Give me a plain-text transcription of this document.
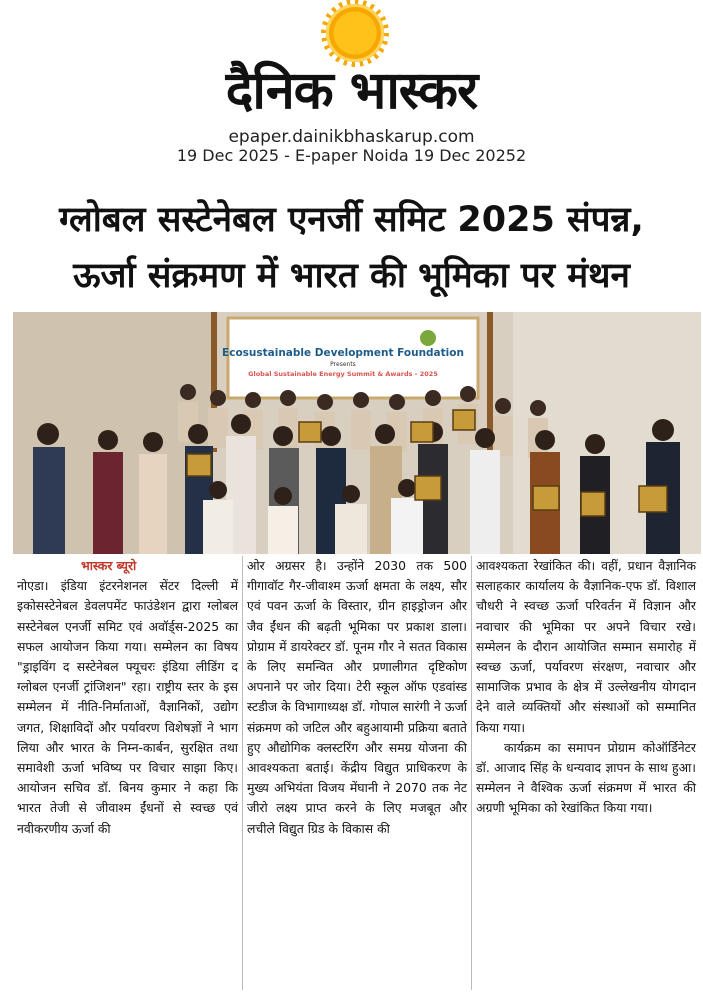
दैनिक भास्कर
epaper.dainikbhaskarup.com
19 Dec 2025 - E-paper Noida 19 Dec 20252
ग्लोबल सस्टेनेबल एनर्जी समिट 2025 संपन्न,
ऊर्जा संक्रमण में भारत की भूमिका पर मंथन
Ecosustainable Development Foundation
Presents
Global Sustainable Energy Summit & Awards - 2025
भास्कर ब्यूरो

नोएडा। इंडिया इंटरनेशनल सेंटर दिल्ली में इकोसस्टेनेबल डेवलपमेंट फाउंडेशन द्वारा ग्लोबल सस्टेनेबल एनर्जी समिट एवं अवॉर्ड्स-2025 का सफल आयोजन किया गया। सम्मेलन का विषय "ड्राइविंग द सस्टेनेबल फ्यूचरः इंडिया लीडिंग द ग्लोबल एनर्जी ट्रांजिशन" रहा। राष्ट्रीय स्तर के इस सम्मेलन में नीति-निर्माताओं, वैज्ञानिकों, उद्योग जगत, शिक्षाविदों और पर्यावरण विशेषज्ञों ने भाग लिया और भारत के निम्न-कार्बन, सुरक्षित तथा समावेशी ऊर्जा भविष्य पर विचार साझा किए। आयोजन सचिव डॉ. बिनय कुमार ने कहा कि भारत तेजी से जीवाश्म ईंधनों से स्वच्छ एवं नवीकरणीय ऊर्जा की

ओर अग्रसर है। उन्होंने 2030 तक 500 गीगावॉट गैर-जीवाश्म ऊर्जा क्षमता के लक्ष्य, सौर एवं पवन ऊर्जा के विस्तार, ग्रीन हाइड्रोजन और जैव ईंधन की बढ़ती भूमिका पर प्रकाश डाला। प्रोग्राम में डायरेक्टर डॉ. पूनम गौर ने सतत विकास के लिए समन्वित और प्रणालीगत दृष्टिकोण अपनाने पर जोर दिया। टेरी स्कूल ऑफ एडवांस्ड स्टडीज के विभागाध्यक्ष डॉ. गोपाल सारंगी ने ऊर्जा संक्रमण को जटिल और बहुआयामी प्रक्रिया बताते हुए औद्योगिक क्लस्टरिंग और समग्र योजना की आवश्यकता बताई। केंद्रीय विद्युत प्राधिकरण के मुख्य अभियंता विजय मेंघानी ने 2070 तक नेट जीरो लक्ष्य प्राप्त करने के लिए मजबूत और लचीले विद्युत ग्रिड के विकास की

आवश्यकता रेखांकित की। वहीं, प्रधान वैज्ञानिक सलाहकार कार्यालय के वैज्ञानिक-एफ डॉ. विशाल चौधरी ने स्वच्छ ऊर्जा परिवर्तन में विज्ञान और नवाचार की भूमिका पर अपने विचार रखे। सम्मेलन के दौरान आयोजित सम्मान समारोह में स्वच्छ ऊर्जा, पर्यावरण संरक्षण, नवाचार और सामाजिक प्रभाव के क्षेत्र में उल्लेखनीय योगदान देने वाले व्यक्तियों और संस्थाओं को सम्मानित किया गया।

कार्यक्रम का समापन प्रोग्राम कोऑर्डिनेटर डॉ. आजाद सिंह के धन्यवाद ज्ञापन के साथ हुआ। सम्मेलन ने वैश्विक ऊर्जा संक्रमण में भारत की अग्रणी भूमिका को रेखांकित किया गया।
